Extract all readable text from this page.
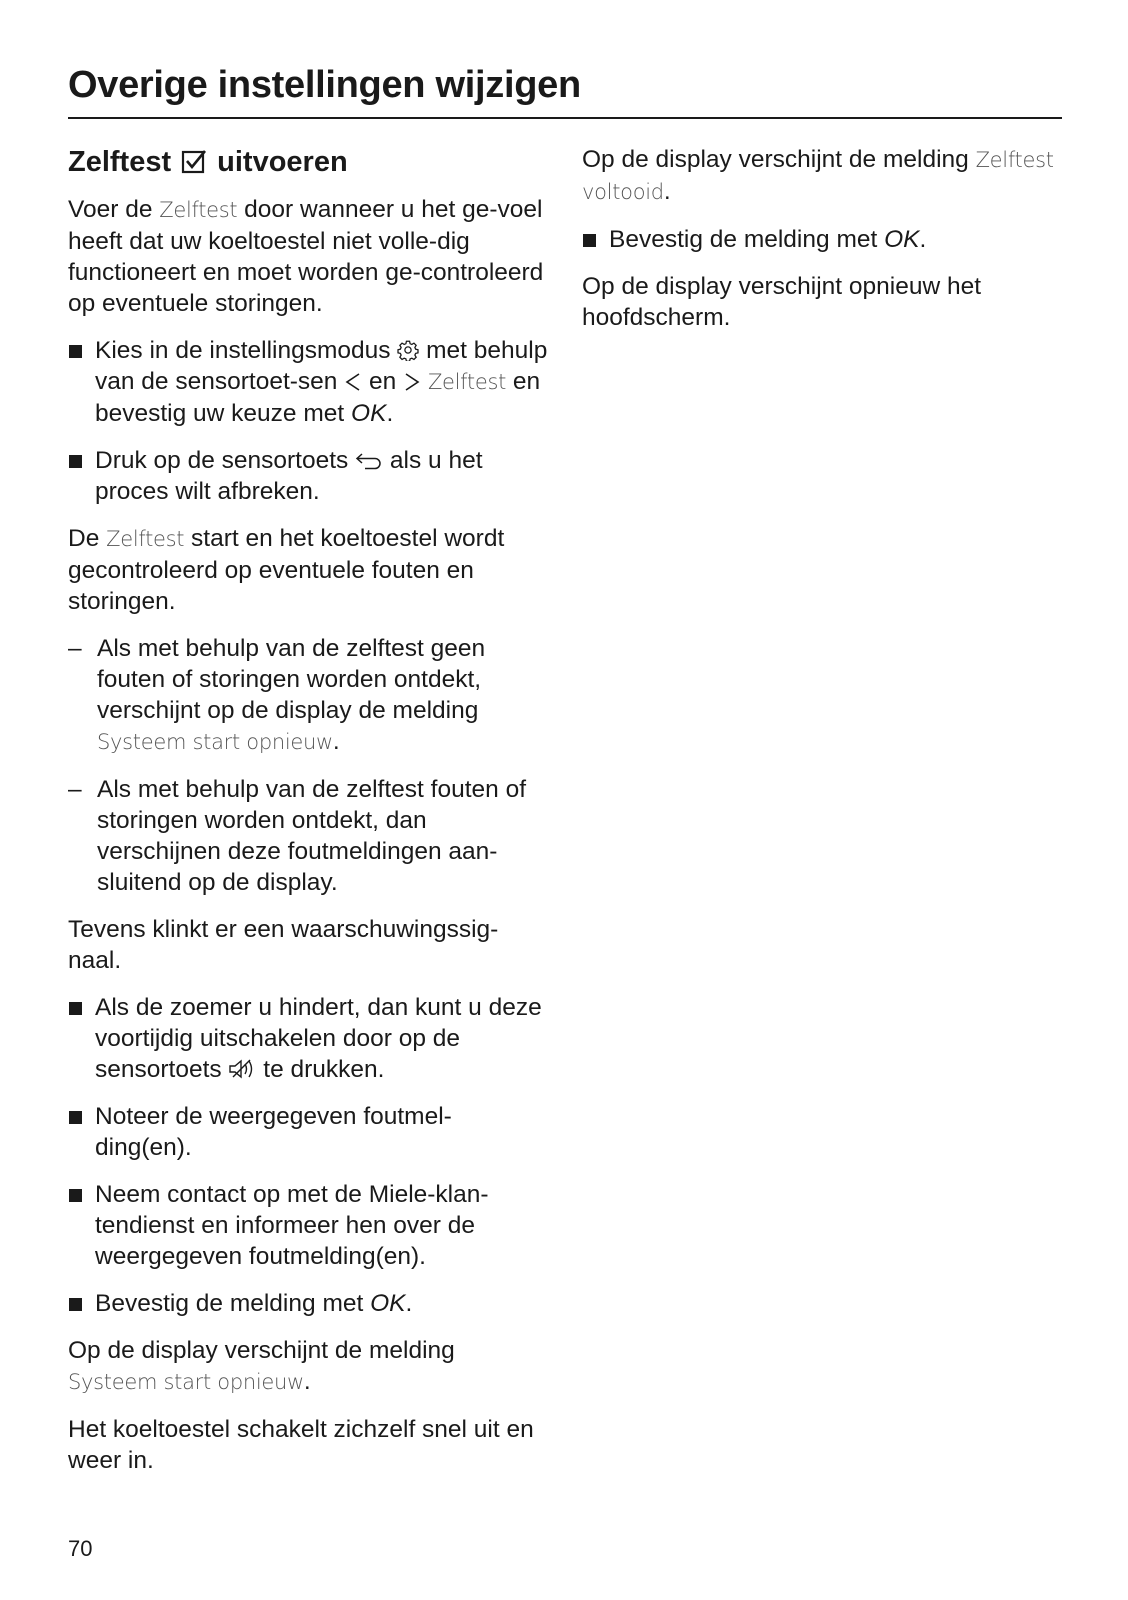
Overige instellingen wijzigen
Zelftest uitvoeren

Voer de Zelftest door wanneer u het ge-voel heeft dat uw koeltoestel niet volle-dig functioneert en moet worden ge-controleerd op eventuele storingen.

Kies in de instellingsmodus
met behulp van de sensortoet-sen
en
Zelftest en bevestig uw keuze met OK.
Druk op de sensortoets
als u het proces wilt afbreken.

De Zelftest start en het koeltoestel wordt gecontroleerd op eventuele fouten en storingen.

– Als met behulp van de zelftest geen fouten of storingen worden ontdekt, verschijnt op de display de melding Systeem start opnieuw.
– Als met behulp van de zelftest fouten of storingen worden ontdekt, dan verschijnen deze foutmeldingen aan-sluitend op de display.

Tevens klinkt er een waarschuwingssig-naal.

Als de zoemer u hindert, dan kunt u deze voortijdig uitschakelen door op de sensortoets
te drukken.
Noteer de weergegeven foutmel-ding(en).
Neem contact op met de Miele-klan-tendienst en informeer hen over de weergegeven foutmelding(en).
Bevestig de melding met OK.

Op de display verschijnt de melding Systeem start opnieuw.

Het koeltoestel schakelt zichzelf snel uit en weer in.

Op de display verschijnt de melding Zelftest voltooid.

Bevestig de melding met OK.

Op de display verschijnt opnieuw het hoofdscherm.

70
